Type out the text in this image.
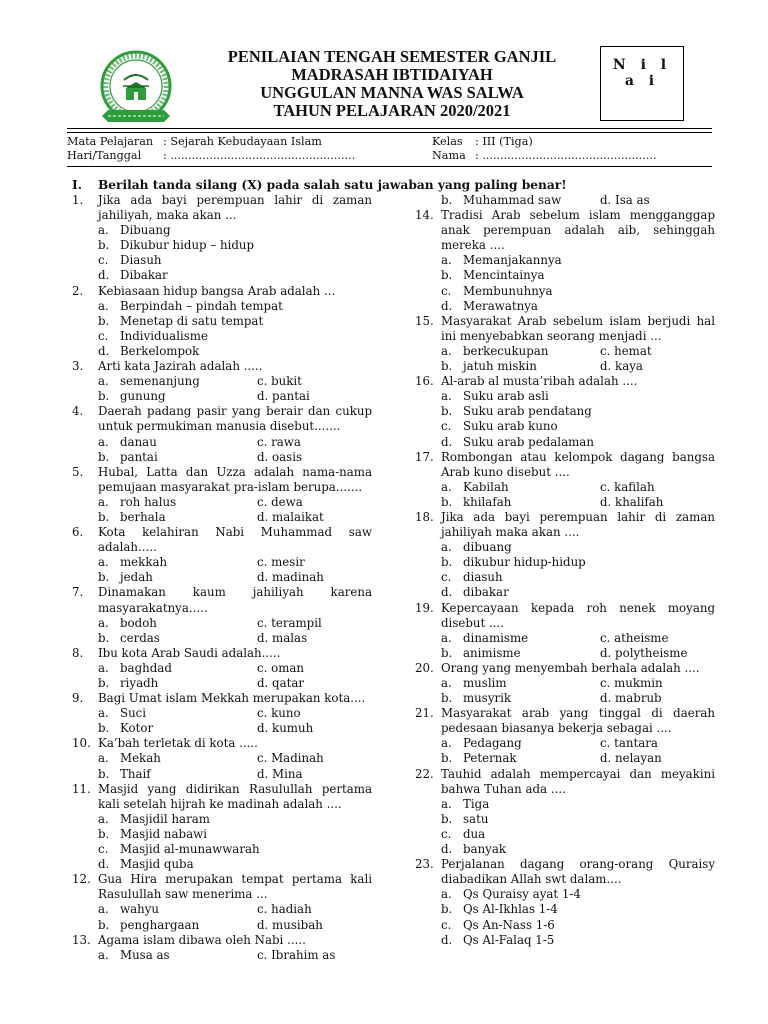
PENILAIAN TENGAH SEMESTER GANJIL
MADRASAH IBTIDAIYAH
UNGGULAN MANNA WAS SALWA
TAHUN PELAJARAN 2020/2021
N i l a i
Mata Pelajaran : Sejarah Kebudayaan Islam
Hari/Tanggal : ....................................................
Kelas : III (Tiga)
Nama : .................................................
I. Berilah tanda silang (X) pada salah satu jawaban yang paling benar!
1.	Jika ada bayi perempuan lahir di zaman jahiliyah, maka akan ...
a. Dibuang
b. Dikubur hidup – hidup
c. Diasuh
d. Dibakar
2.	Kebiasaan hidup bangsa Arab adalah ...
a. Berpindah – pindah tempat
b. Menetap di satu tempat
c. Individualisme
d. Berkelompok
3.	Arti kata Jazirah adalah .....
a. semenanjung	c. bukit
b. gunung	d. pantai
4.	Daerah padang pasir yang berair dan cukup untuk permukiman manusia disebut.......
a. danau	c. rawa
b. pantai	d. oasis
5.	Hubal, Latta dan Uzza adalah nama-nama pemujaan masyarakat pra-islam berupa.......
a. roh halus	c. dewa
b. berhala	d. malaikat
6.	Kota kelahiran Nabi Muhammad saw adalah.....
a. mekkah	c. mesir
b. jedah	d. madinah
7.	Dinamakan kaum jahiliyah karena masyarakatnya.....
a. bodoh	c. terampil
b. cerdas	d. malas
8.	Ibu kota Arab Saudi adalah.....
a. baghdad	c. oman
b. riyadh	d. qatar
9.	Bagi Umat islam Mekkah merupakan kota....
a. Suci	c. kuno
b. Kotor	d. kumuh
10. Ka’bah terletak di kota .....
a. Mekah	c. Madinah
b. Thaif	d. Mina
11. Masjid yang didirikan Rasulullah pertama kali setelah hijrah ke madinah adalah ....
a. Masjidil haram
b. Masjid nabawi
c. Masjid al-munawwarah
d. Masjid quba
12. Gua Hira merupakan tempat pertama kali Rasulullah saw menerima ...
a. wahyu	c. hadiah
b. penghargaan	d. musibah
13. Agama islam dibawa oleh Nabi .....
a. Musa as	c. Ibrahim as
b. Muhammad saw	d. Isa as
14. Tradisi Arab sebelum islam mengganggap anak perempuan adalah aib, sehinggah mereka ....
a. Memanjakannya
b. Mencintainya
c. Membunuhnya
d. Merawatnya
15. Masyarakat Arab sebelum islam berjudi hal ini menyebabkan seorang menjadi ...
a. berkecukupan	c. hemat
b. jatuh miskin	d. kaya
16. Al-arab al musta’ribah adalah ....
a. Suku arab asli
b. Suku arab pendatang
c. Suku arab kuno
d. Suku arab pedalaman
17. Rombongan atau kelompok dagang bangsa Arab kuno disebut ....
a. Kabilah	c. kafilah
b. khilafah	d. khalifah
18. Jika ada bayi perempuan lahir di zaman jahiliyah maka akan ....
a. dibuang
b. dikubur hidup-hidup
c. diasuh
d. dibakar
19. Kepercayaan kepada roh nenek moyang disebut ....
a. dinamisme	c. atheisme
b. animisme	d. polytheisme
20. Orang yang menyembah berhala adalah ....
a. muslim	c. mukmin
b. musyrik	d. mabrub
21. Masyarakat arab yang tinggal di daerah pedesaan biasanya bekerja sebagai ....
a. Pedagang	c. tantara
b. Peternak	d. nelayan
22. Tauhid adalah mempercayai dan meyakini bahwa Tuhan ada ....
a. Tiga
b. satu
c. dua
d. banyak
23. Perjalanan dagang orang-orang Quraisy diabadikan Allah swt dalam....
a. Qs Quraisy ayat 1-4
b. Qs Al-Ikhlas 1-4
c. Qs An-Nass 1-6
d. Qs Al-Falaq 1-5
